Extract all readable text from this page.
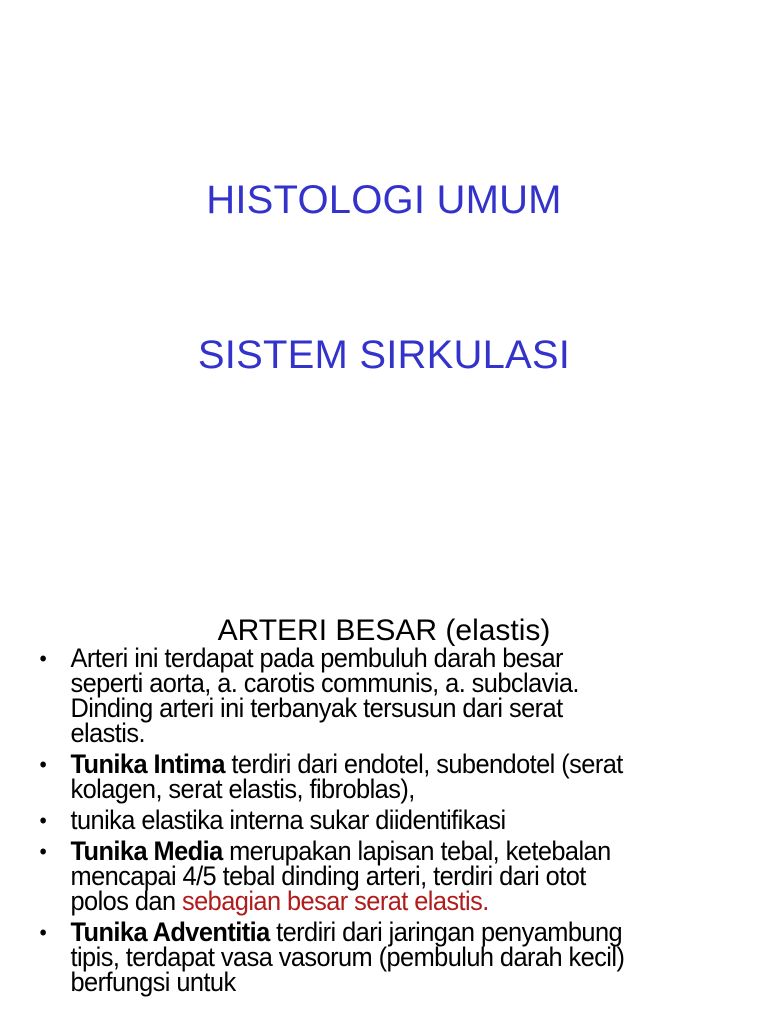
HISTOLOGI UMUM
SISTEM SIRKULASI
ARTERI BESAR (elastis)
• Arteri ini terdapat pada pembuluh darah besar seperti aorta, a. carotis communis, a. subclavia. Dinding arteri ini terbanyak tersusun dari serat elastis.
• Tunika Intima terdiri dari endotel, subendotel (serat kolagen, serat elastis, fibroblas),
• tunika elastika interna sukar diidentifikasi
• Tunika Media merupakan lapisan tebal, ketebalan mencapai 4/5 tebal dinding arteri, terdiri dari otot polos dan sebagian besar serat elastis.
• Tunika Adventitia terdiri dari jaringan penyambung tipis, terdapat vasa vasorum (pembuluh darah kecil) berfungsi untuk
